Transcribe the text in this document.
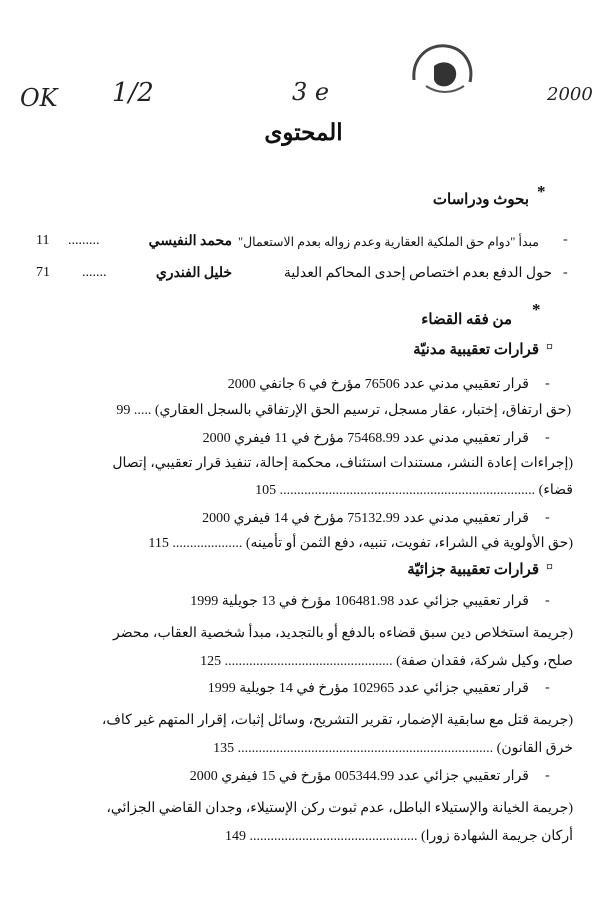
OK 1/2	3 e	2000
المحتوى
بحوث ودراسات *
-
مبدأ "دوام حق الملكية العقارية وعدم زواله بعدم الاستعمال"
محمد النفيسي
.........
11
-
حول الدفع بعدم اختصاص إحدى المحاكم العدلية
خليل الفندري
.......
71
من فقه القضاء
*
قرارات تعقيبية مدنيّة ¤
-
قرار تعقيبي مدني عدد 76506 مؤرخ في 6 جانفي 2000
(حق ارتفاق، إختبار، عقار مسجل، ترسيم الحق الإرتفاقي بالسجل العقاري) ..... 99
-
قرار تعقيبي مدني عدد 75468.99 مؤرخ في 11 فيفري 2000
(إجراءات إعادة النشر، مستندات استئناف، محكمة إحالة، تنفيذ قرار تعقيبي، إتصال
قضاء) ......................................................................... 105
-
قرار تعقيبي مدني عدد 75132.99 مؤرخ في 14 فيفري 2000
(حق الأولوية في الشراء، تفويت، تنبيه، دفع الثمن أو تأمينه) .................... 115
قرارات تعقيبية جزائيّة ¤
-
قرار تعقيبي جزائي عدد 106481.98 مؤرخ في 13 جويلية 1999
(جريمة استخلاص دين سبق قضاءه بالدفع أو بالتجديد، مبدأ شخصية العقاب، محضر
صلح، وكيل شركة، فقدان صفة) ................................................ 125
-
قرار تعقيبي جزائي عدد 102965 مؤرخ في 14 جويلية 1999
(جريمة قتل مع سابقية الإضمار، تقرير التشريح، وسائل إثبات، إقرار المتهم غير كاف،
خرق القانون) ......................................................................... 135
-
قرار تعقيبي جزائي عدد 005344.99 مؤرخ في 15 فيفري 2000
(جريمة الخيانة والإستيلاء الباطل، عدم ثبوت ركن الإستيلاء، وجدان القاضي الجزائي،
أركان جريمة الشهادة زورا) ................................................ 149
